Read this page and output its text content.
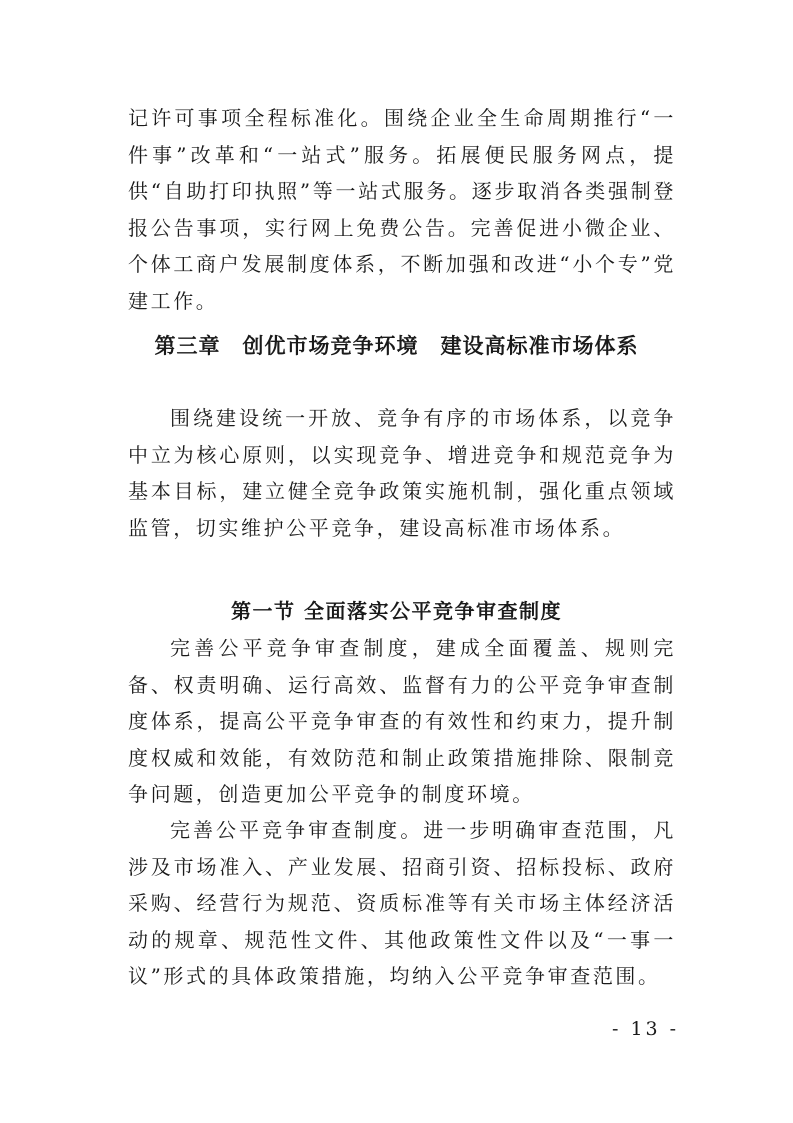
记许可事项全程标准化。围绕企业全生命周期推行“一件事”改革和“一站式”服务。拓展便民服务网点，提供“自助打印执照”等一站式服务。逐步取消各类强制登报公告事项，实行网上免费公告。完善促进小微企业、个体工商户发展制度体系，不断加强和改进“小个专”党建工作。

第三章 创优市场竞争环境 建设高标准市场体系

围绕建设统一开放、竞争有序的市场体系，以竞争中立为核心原则，以实现竞争、增进竞争和规范竞争为基本目标，建立健全竞争政策实施机制，强化重点领域监管，切实维护公平竞争，建设高标准市场体系。

第一节 全面落实公平竞争审查制度

完善公平竞争审查制度，建成全面覆盖、规则完备、权责明确、运行高效、监督有力的公平竞争审查制度体系，提高公平竞争审查的有效性和约束力，提升制度权威和效能，有效防范和制止政策措施排除、限制竞争问题，创造更加公平竞争的制度环境。

完善公平竞争审查制度。进一步明确审查范围，凡涉及市场准入、产业发展、招商引资、招标投标、政府采购、经营行为规范、资质标准等有关市场主体经济活动的规章、规范性文件、其他政策性文件以及“一事一议”形式的具体政策措施，均纳入公平竞争审查范围。

- 13 -
